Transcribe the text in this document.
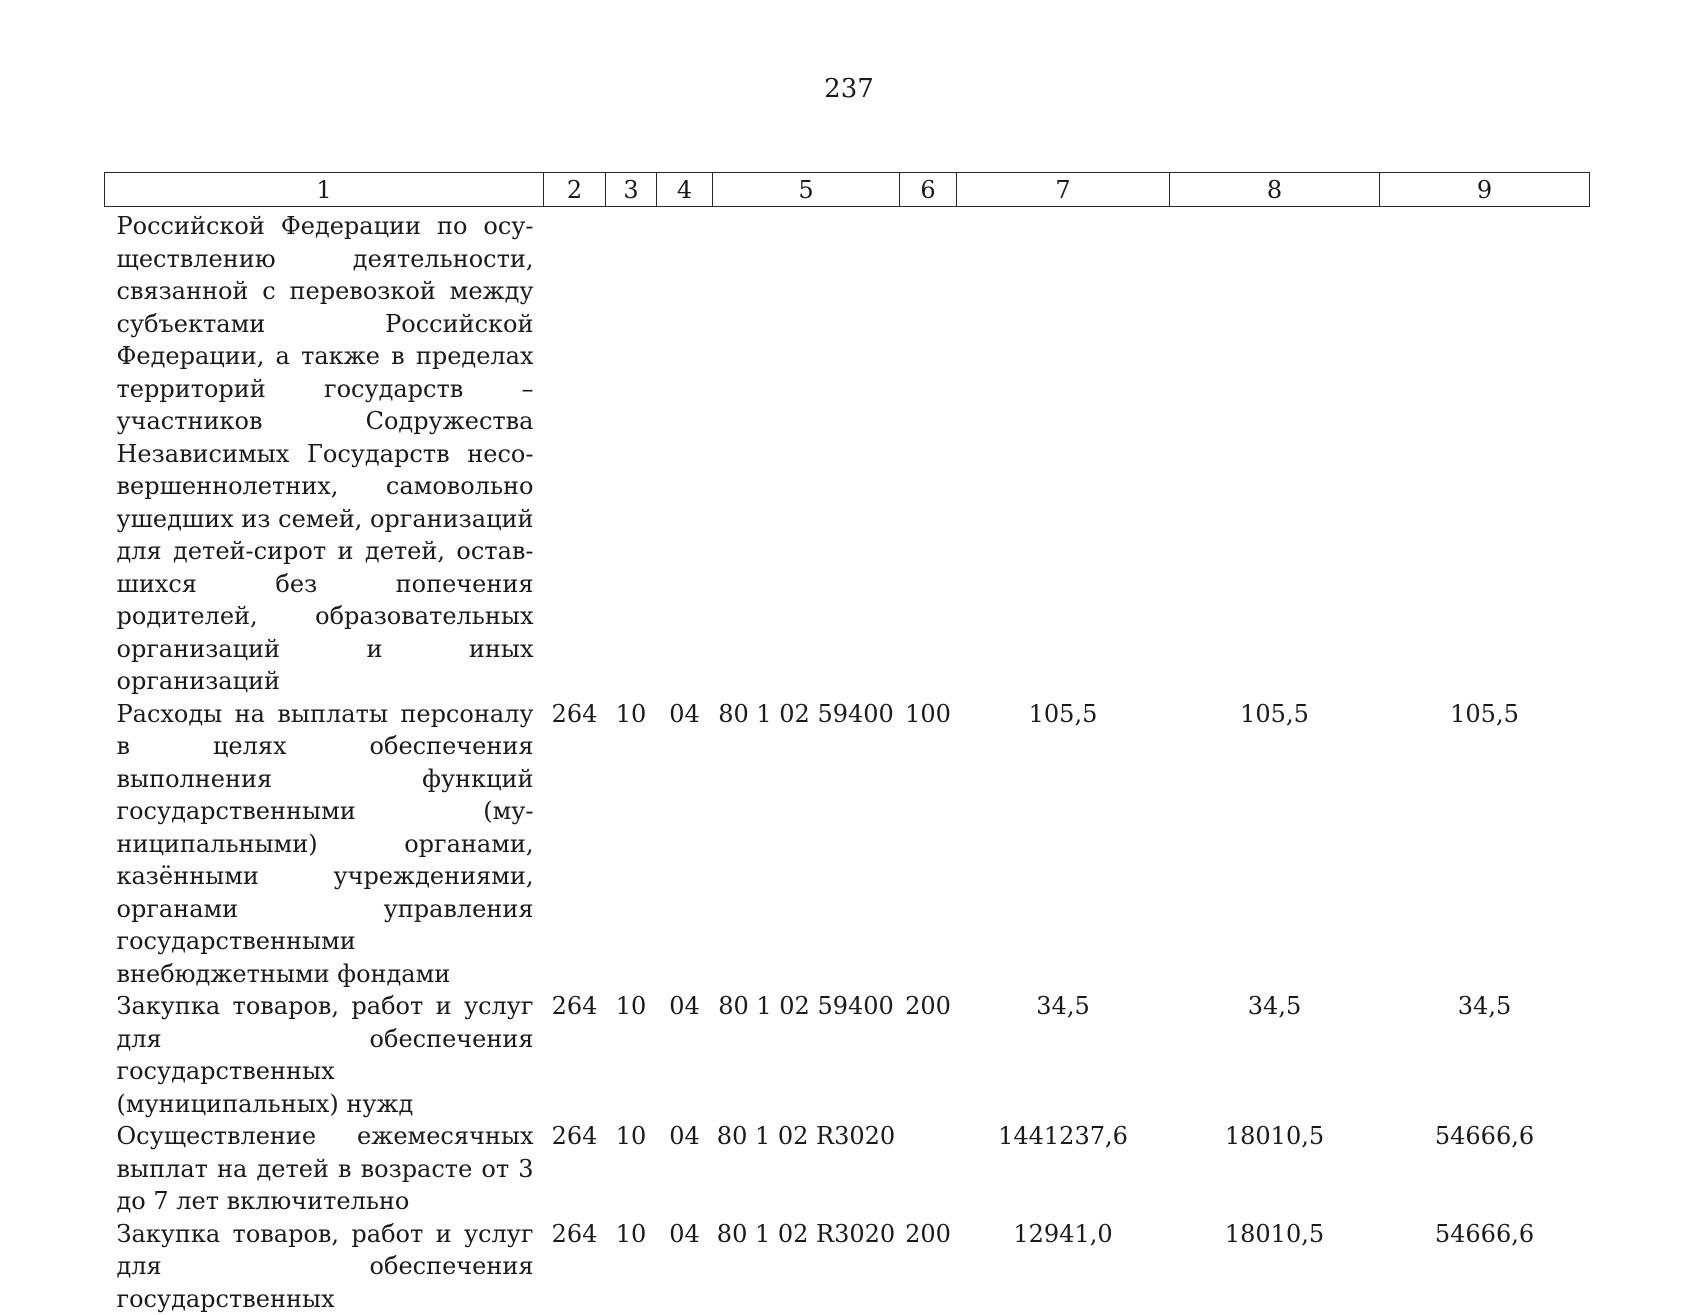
237
1	2	3	4	5	6	7	8	9
Российской Федерации по осуществлению деятельности, связанной с перевозкой между субъектами Российской Федерации, а также в пределах территорий государств – участников Содружества Независимых Государств несовершеннолетних, самовольно ушедших из семей, организаций для детей-сирот и детей, оставшихся без попечения родителей, образовательных организаций и иных организаций								
Расходы на выплаты персоналу в целях обеспечения выполнения функций государственными (муниципальными) органами, казёнными учреждениями, органами управления государственными внебюджетными фондами	264	10	04	80 1 02 59400	100	105,5	105,5	105,5
Закупка товаров, работ и услуг для обеспечения государственных (муниципальных) нужд	264	10	04	80 1 02 59400	200	34,5	34,5	34,5
Осуществление ежемесячных выплат на детей в возрасте от 3 до 7 лет включительно	264	10	04	80 1 02 R3020		1441237,6	18010,5	54666,6
Закупка товаров, работ и услуг для обеспечения государственных	264	10	04	80 1 02 R3020	200	12941,0	18010,5	54666,6
